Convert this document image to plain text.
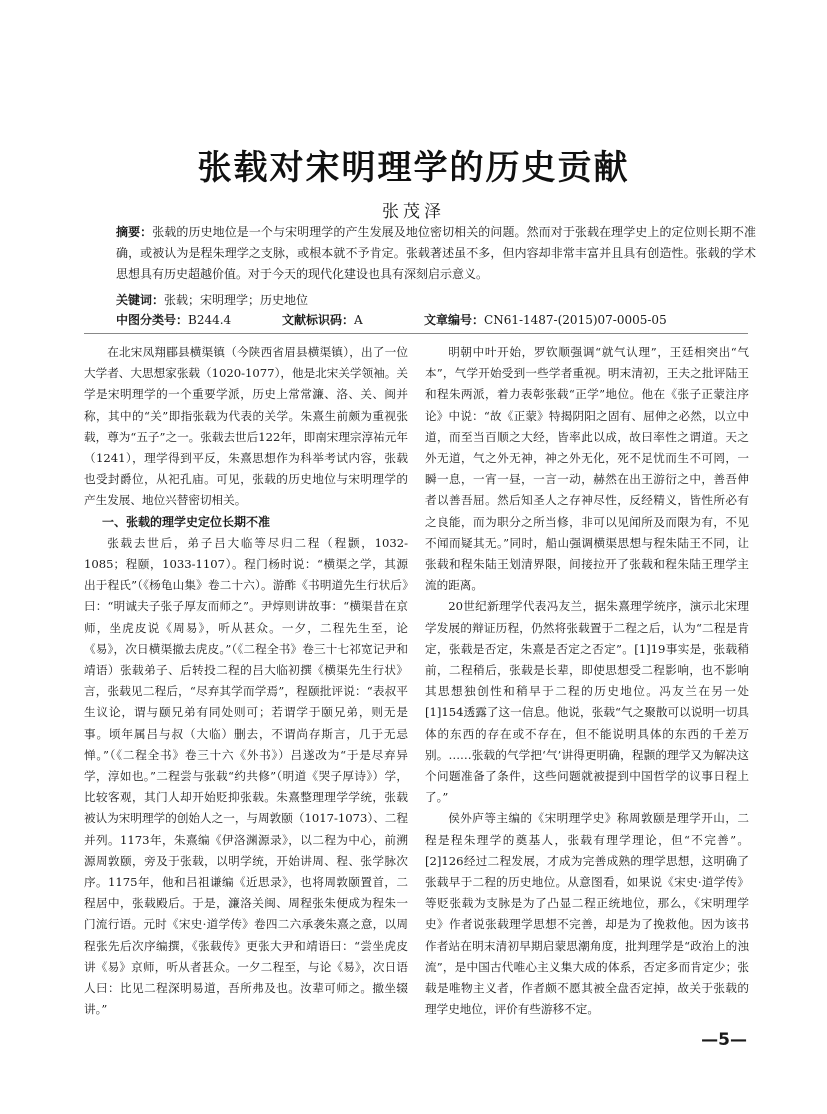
张载对宋明理学的历史贡献
张茂泽
摘要：张载的历史地位是一个与宋明理学的产生发展及地位密切相关的问题。然而对于张载在理学史上的定位则长期不准确，或被认为是程朱理学之支脉，或根本就不予肯定。张载著述虽不多，但内容却非常丰富并且具有创造性。张载的学术思想具有历史超越价值。对于今天的现代化建设也具有深刻启示意义。
关键词：张载；宋明理学；历史地位
中图分类号：B244.4	文献标识码：A	文章编号：CN61-1487-(2015)07-0005-05

在北宋凤翔郿县横渠镇（今陕西省眉县横渠镇），出了一位大学者、大思想家张载（1020-1077），他是北宋关学领袖。关学是宋明理学的一个重要学派，历史上常常濂、洛、关、闽并称，其中的“关”即指张载为代表的关学。朱熹生前颇为重视张载，尊为“五子”之一。张载去世后122年，即南宋理宗淳祐元年（1241），理学得到平反，朱熹思想作为科举考试内容，张载也受封爵位，从祀孔庙。可见，张载的历史地位与宋明理学的产生发展、地位兴替密切相关。

一、张载的理学史定位长期不准

张载去世后，弟子吕大临等尽归二程（程颢，1032-1085；程颐，1033-1107）。程门杨时说：“横渠之学，其源出于程氏”（《杨龟山集》卷二十六）。游酢《书明道先生行状后》曰：“明诚夫子张子厚友而师之”。尹焞则讲故事：“横渠昔在京师，坐虎皮说《周易》，听从甚众。一夕，二程先生至，论《易》，次日横渠撤去虎皮。”（《二程全书》卷三十七祁宽记尹和靖语）张载弟子、后转投二程的吕大临初撰《横渠先生行状》言，张载见二程后，“尽弃其学而学焉”，程颐批评说：“表叔平生议论，谓与颐兄弟有同处则可；若谓学于颐兄弟，则无是事。顷年属吕与叔（大临）删去，不谓尚存斯言，几于无忌惮。”（《二程全书》卷三十六《外书》）吕遂改为“于是尽弃异学，淳如也。”二程尝与张载“约共修”（明道《哭子厚诗》）学，比较客观，其门人却开始贬抑张载。朱熹整理理学学统，张载被认为宋明理学的创始人之一，与周敦颐（1017-1073）、二程并列。1173年，朱熹编《伊洛渊源录》，以二程为中心，前溯源周敦颐，旁及于张载，以明学统，开始讲周、程、张学脉次序。1175年，他和吕祖谦编《近思录》，也将周敦颐置首，二程居中，张载殿后。于是，濂洛关闽、周程张朱便成为程朱一门流行语。元时《宋史·道学传》卷四二六承袭朱熹之意，以周程张先后次序编撰，《张载传》更张大尹和靖语曰：“尝坐虎皮讲《易》京师，听从者甚众。一夕二程至，与论《易》，次日语人曰：比见二程深明易道，吾所弗及也。汝辈可师之。撤坐辍讲。”

明朝中叶开始，罗钦顺强调“就气认理”，王廷相突出“气本”，气学开始受到一些学者重视。明末清初，王夫之批评陆王和程朱两派，着力表彰张载“正学”地位。他在《张子正蒙注序论》中说：“故《正蒙》特揭阴阳之固有、屈伸之必然，以立中道，而至当百顺之大经，皆率此以成，故曰率性之谓道。天之外无道，气之外无神，神之外无化，死不足忧而生不可罔，一瞬一息，一宵一昼，一言一动，赫然在出王游衍之中，善吾伸者以善吾屈。然后知圣人之存神尽性，反经精义，皆性所必有之良能，而为职分之所当修，非可以见闻所及而限为有，不见不闻而疑其无。”同时，船山强调横渠思想与程朱陆王不同，让张载和程朱陆王划清界限，间接拉开了张载和程朱陆王理学主流的距离。

20世纪新理学代表冯友兰，据朱熹理学统序，演示北宋理学发展的辩证历程，仍然将张载置于二程之后，认为“二程是肯定，张载是否定，朱熹是否定之否定”。[1]19事实是，张载稍前，二程稍后，张载是长辈，即使思想受二程影响，也不影响其思想独创性和稍早于二程的历史地位。冯友兰在另一处[1]154透露了这一信息。他说，张载“气之聚散可以说明一切具体的东西的存在或不存在，但不能说明具体的东西的千差万别。……张载的气学把‘气’讲得更明确，程颢的理学又为解决这个问题准备了条件，这些问题就被提到中国哲学的议事日程上了。”

侯外庐等主编的《宋明理学史》称周敦颐是理学开山，二程是程朱理学的奠基人，张载有理学理论，但“不完善”。[2]126经过二程发展，才成为完善成熟的理学思想，这明确了张载早于二程的历史地位。从意图看，如果说《宋史·道学传》等贬张载为支脉是为了凸显二程正统地位，那么，《宋明理学史》作者说张载理学思想不完善，却是为了挽救他。因为该书作者站在明末清初早期启蒙思潮角度，批判理学是“政治上的浊流”，是中国古代唯心主义集大成的体系，否定多而肯定少；张载是唯物主义者，作者颇不愿其被全盘否定掉，故关于张载的理学史地位，评价有些游移不定。

—5—
